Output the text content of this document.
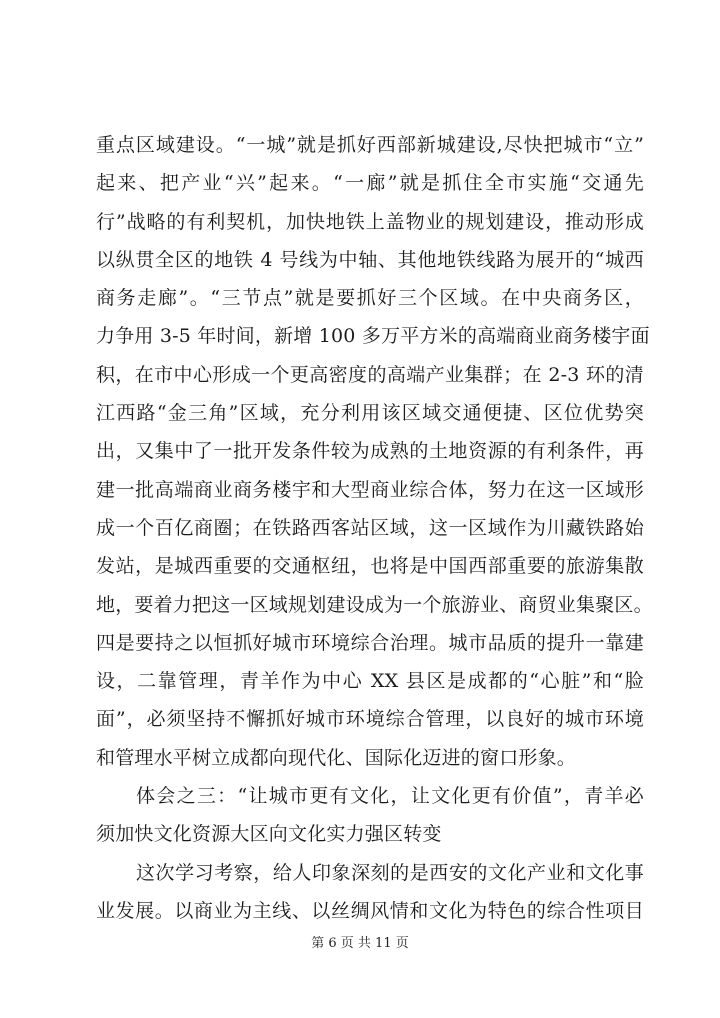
重点区域建设。“一城”就是抓好西部新城建设,尽快把城市“立”
起来、把产业“兴”起来。“一廊”就是抓住全市实施“交通先
行”战略的有利契机，加快地铁上盖物业的规划建设，推动形成
以纵贯全区的地铁 4 号线为中轴、其他地铁线路为展开的“城西
商务走廊”。“三节点”就是要抓好三个区域。在中央商务区，
力争用 3-5 年时间，新增 100 多万平方米的高端商业商务楼宇面
积，在市中心形成一个更高密度的高端产业集群；在 2-3 环的清
江西路“金三角”区域，充分利用该区域交通便捷、区位优势突
出，又集中了一批开发条件较为成熟的土地资源的有利条件，再
建一批高端商业商务楼宇和大型商业综合体，努力在这一区域形
成一个百亿商圈；在铁路西客站区域，这一区域作为川藏铁路始
发站，是城西重要的交通枢纽，也将是中国西部重要的旅游集散
地，要着力把这一区域规划建设成为一个旅游业、商贸业集聚区。
四是要持之以恒抓好城市环境综合治理。城市品质的提升一靠建
设，二靠管理，青羊作为中心 XX 县区是成都的“心脏”和“脸
面”，必须坚持不懈抓好城市环境综合管理，以良好的城市环境
和管理水平树立成都向现代化、国际化迈进的窗口形象。
体会之三：“让城市更有文化，让文化更有价值”，青羊必
须加快文化资源大区向文化实力强区转变
这次学习考察，给人印象深刻的是西安的文化产业和文化事
业发展。以商业为主线、以丝绸风情和文化为特色的综合性项目
第 6 页 共 11 页
